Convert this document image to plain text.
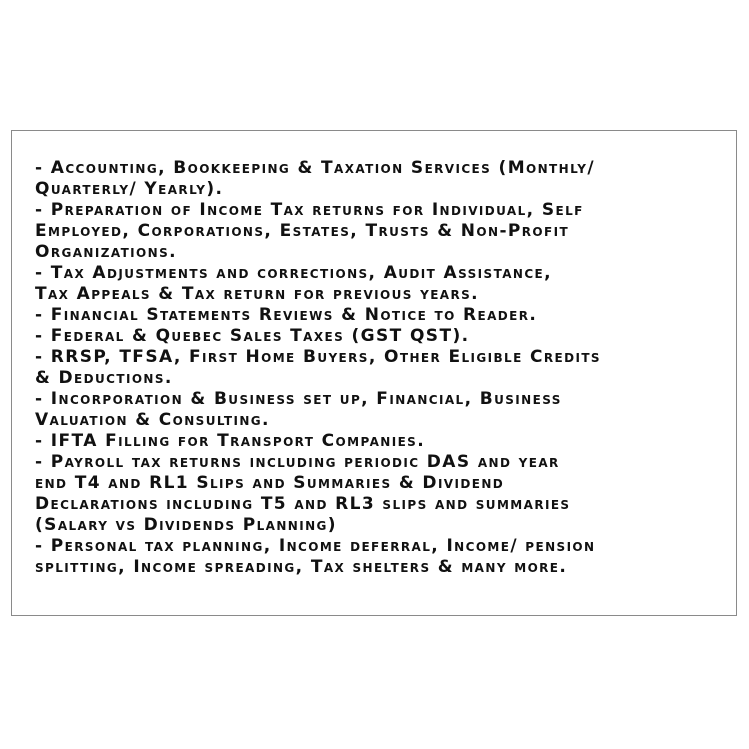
- Accounting, Bookkeeping & Taxation Services (Monthly/
Quarterly/ Yearly).
- Preparation of Income Tax returns for Individual, Self
Employed, Corporations, Estates, Trusts & Non-Profit
Organizations.
- Tax Adjustments and corrections, Audit Assistance,
Tax Appeals & Tax return for previous years.
- Financial Statements Reviews & Notice to Reader.
- Federal & Quebec Sales Taxes (GST QST).
- RRSP, TFSA, First Home Buyers, Other Eligible Credits
& Deductions.
- Incorporation & Business set up, Financial, Business
Valuation & Consulting.
- IFTA Filling for Transport Companies.
- Payroll tax returns including periodic DAS and year
end T4 and RL1 Slips and Summaries & Dividend
Declarations including T5 and RL3 slips and summaries
(Salary vs Dividends Planning)
- Personal tax planning, Income deferral, Income/ pension
splitting, Income spreading, Tax shelters & many more.
